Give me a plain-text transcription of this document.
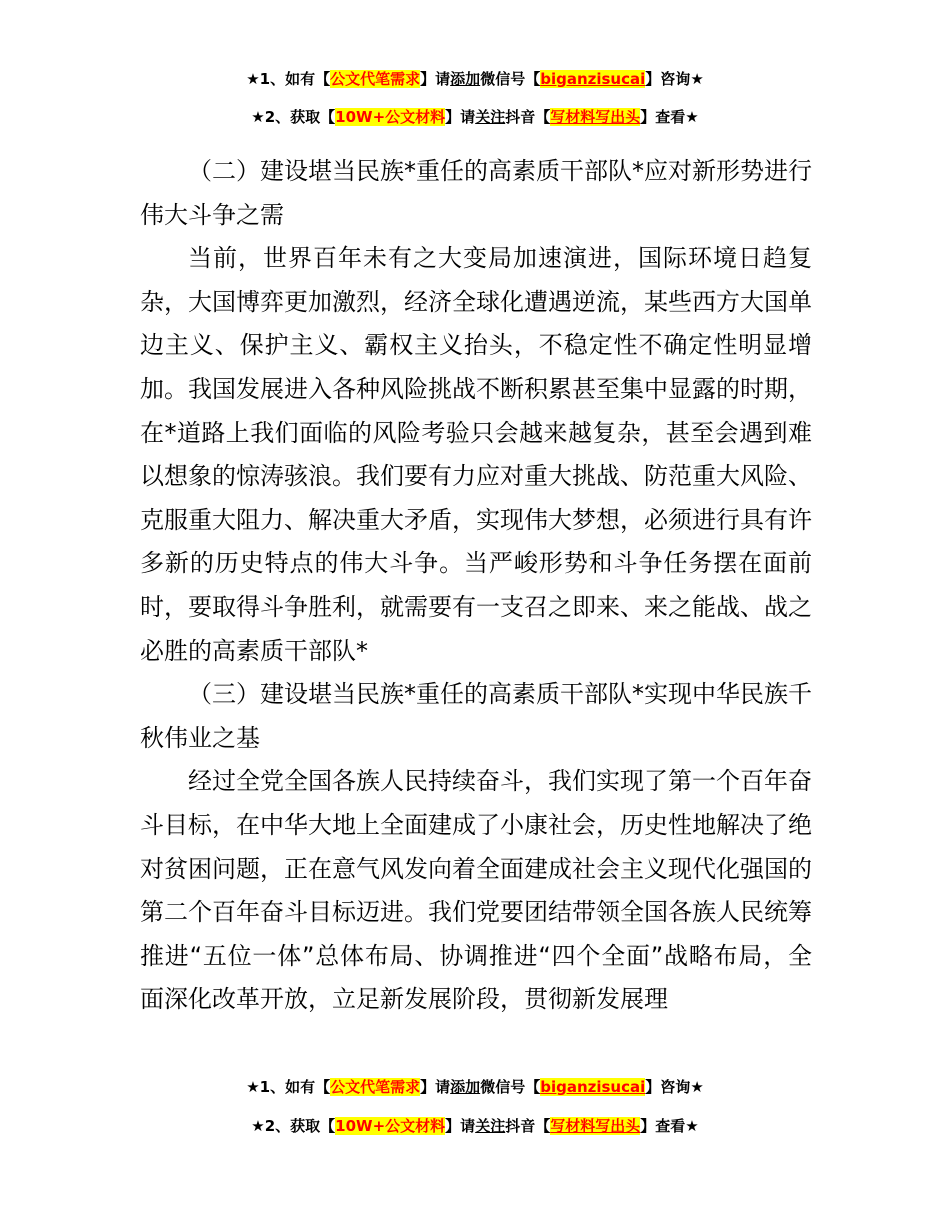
★1、如有【公文代笔需求】请添加微信号【biganzisucai】咨询★
★2、获取【10W+公文材料】请关注抖音【写材料写出头】查看★

（二）建设堪当民族*重任的高素质干部队*应对新形势进行伟大斗争之需

当前，世界百年未有之大变局加速演进，国际环境日趋复杂，大国博弈更加激烈，经济全球化遭遇逆流，某些西方大国单边主义、保护主义、霸权主义抬头，不稳定性不确定性明显增加。我国发展进入各种风险挑战不断积累甚至集中显露的时期，在*道路上我们面临的风险考验只会越来越复杂，甚至会遇到难以想象的惊涛骇浪。我们要有力应对重大挑战、防范重大风险、克服重大阻力、解决重大矛盾，实现伟大梦想，必须进行具有许多新的历史特点的伟大斗争。当严峻形势和斗争任务摆在面前时，要取得斗争胜利，就需要有一支召之即来、来之能战、战之必胜的高素质干部队*

（三）建设堪当民族*重任的高素质干部队*实现中华民族千秋伟业之基

经过全党全国各族人民持续奋斗，我们实现了第一个百年奋斗目标，在中华大地上全面建成了小康社会，历史性地解决了绝对贫困问题，正在意气风发向着全面建成社会主义现代化强国的第二个百年奋斗目标迈进。我们党要团结带领全国各族人民统筹推进“五位一体”总体布局、协调推进“四个全面”战略布局，全面深化改革开放，立足新发展阶段，贯彻新发展理

★1、如有【公文代笔需求】请添加微信号【biganzisucai】咨询★
★2、获取【10W+公文材料】请关注抖音【写材料写出头】查看★
